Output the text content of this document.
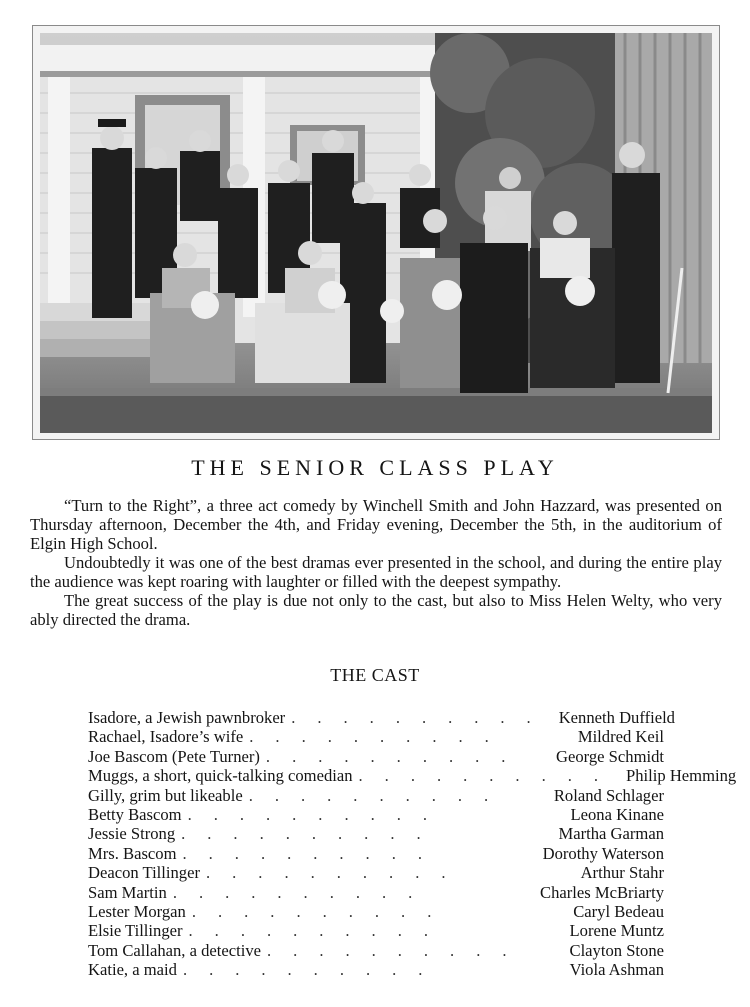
THE SENIOR CLASS PLAY

“Turn to the Right”, a three act comedy by Winchell Smith and John Hazzard, was presented on Thursday afternoon, December the 4th, and Friday evening, December the 5th, in the auditorium of Elgin High School.

Undoubtedly it was one of the best dramas ever presented in the school, and during the entire play the audience was kept roaring with laughter or filled with the deepest sympathy.

The great success of the play is due not only to the cast, but also to Miss Helen Welty, who very ably directed the drama.

THE CAST
Isadore, a Jewish pawnbroker .......... Kenneth Duffield
Rachael, Isadore’s wife ..........	Mildred Keil
Joe Bascom (Pete Turner) ..........	George Schmidt
Muggs, a short, quick-talking comedian .......... Philip Hemming
Gilly, grim but likeable ..........	Roland Schlager
Betty Bascom ..........	Leona Kinane
Jessie Strong ..........	Martha Garman
Mrs. Bascom ..........	Dorothy Waterson
Deacon Tillinger ..........	Arthur Stahr
Sam Martin ..........	Charles McBriarty
Lester Morgan ..........	Caryl Bedeau
Elsie Tillinger ..........	Lorene Muntz
Tom Callahan, a detective ..........	Clayton Stone
Katie, a maid ..........	Viola Ashman
